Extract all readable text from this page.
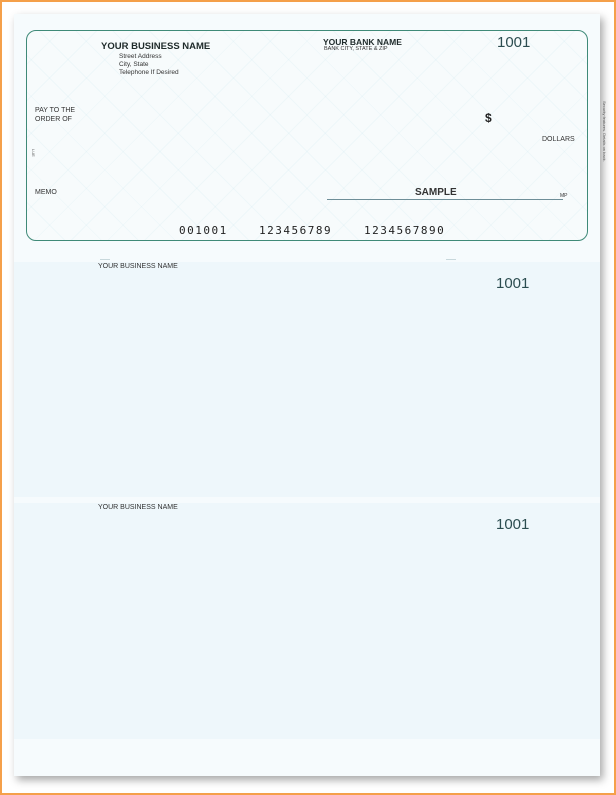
YOUR BUSINESS NAME
Street Address
City, State
Telephone If Desired
YOUR BANK NAME
BANK CITY, STATE & ZIP	1001
PAY TO THE
ORDER OF	$
DOLLARS
MEMO	SAMPLE	MP
001001	123456789	1234567890
Security features. Details on back.
LUE
YOUR BUSINESS NAME
1001
YOUR BUSINESS NAME
1001
